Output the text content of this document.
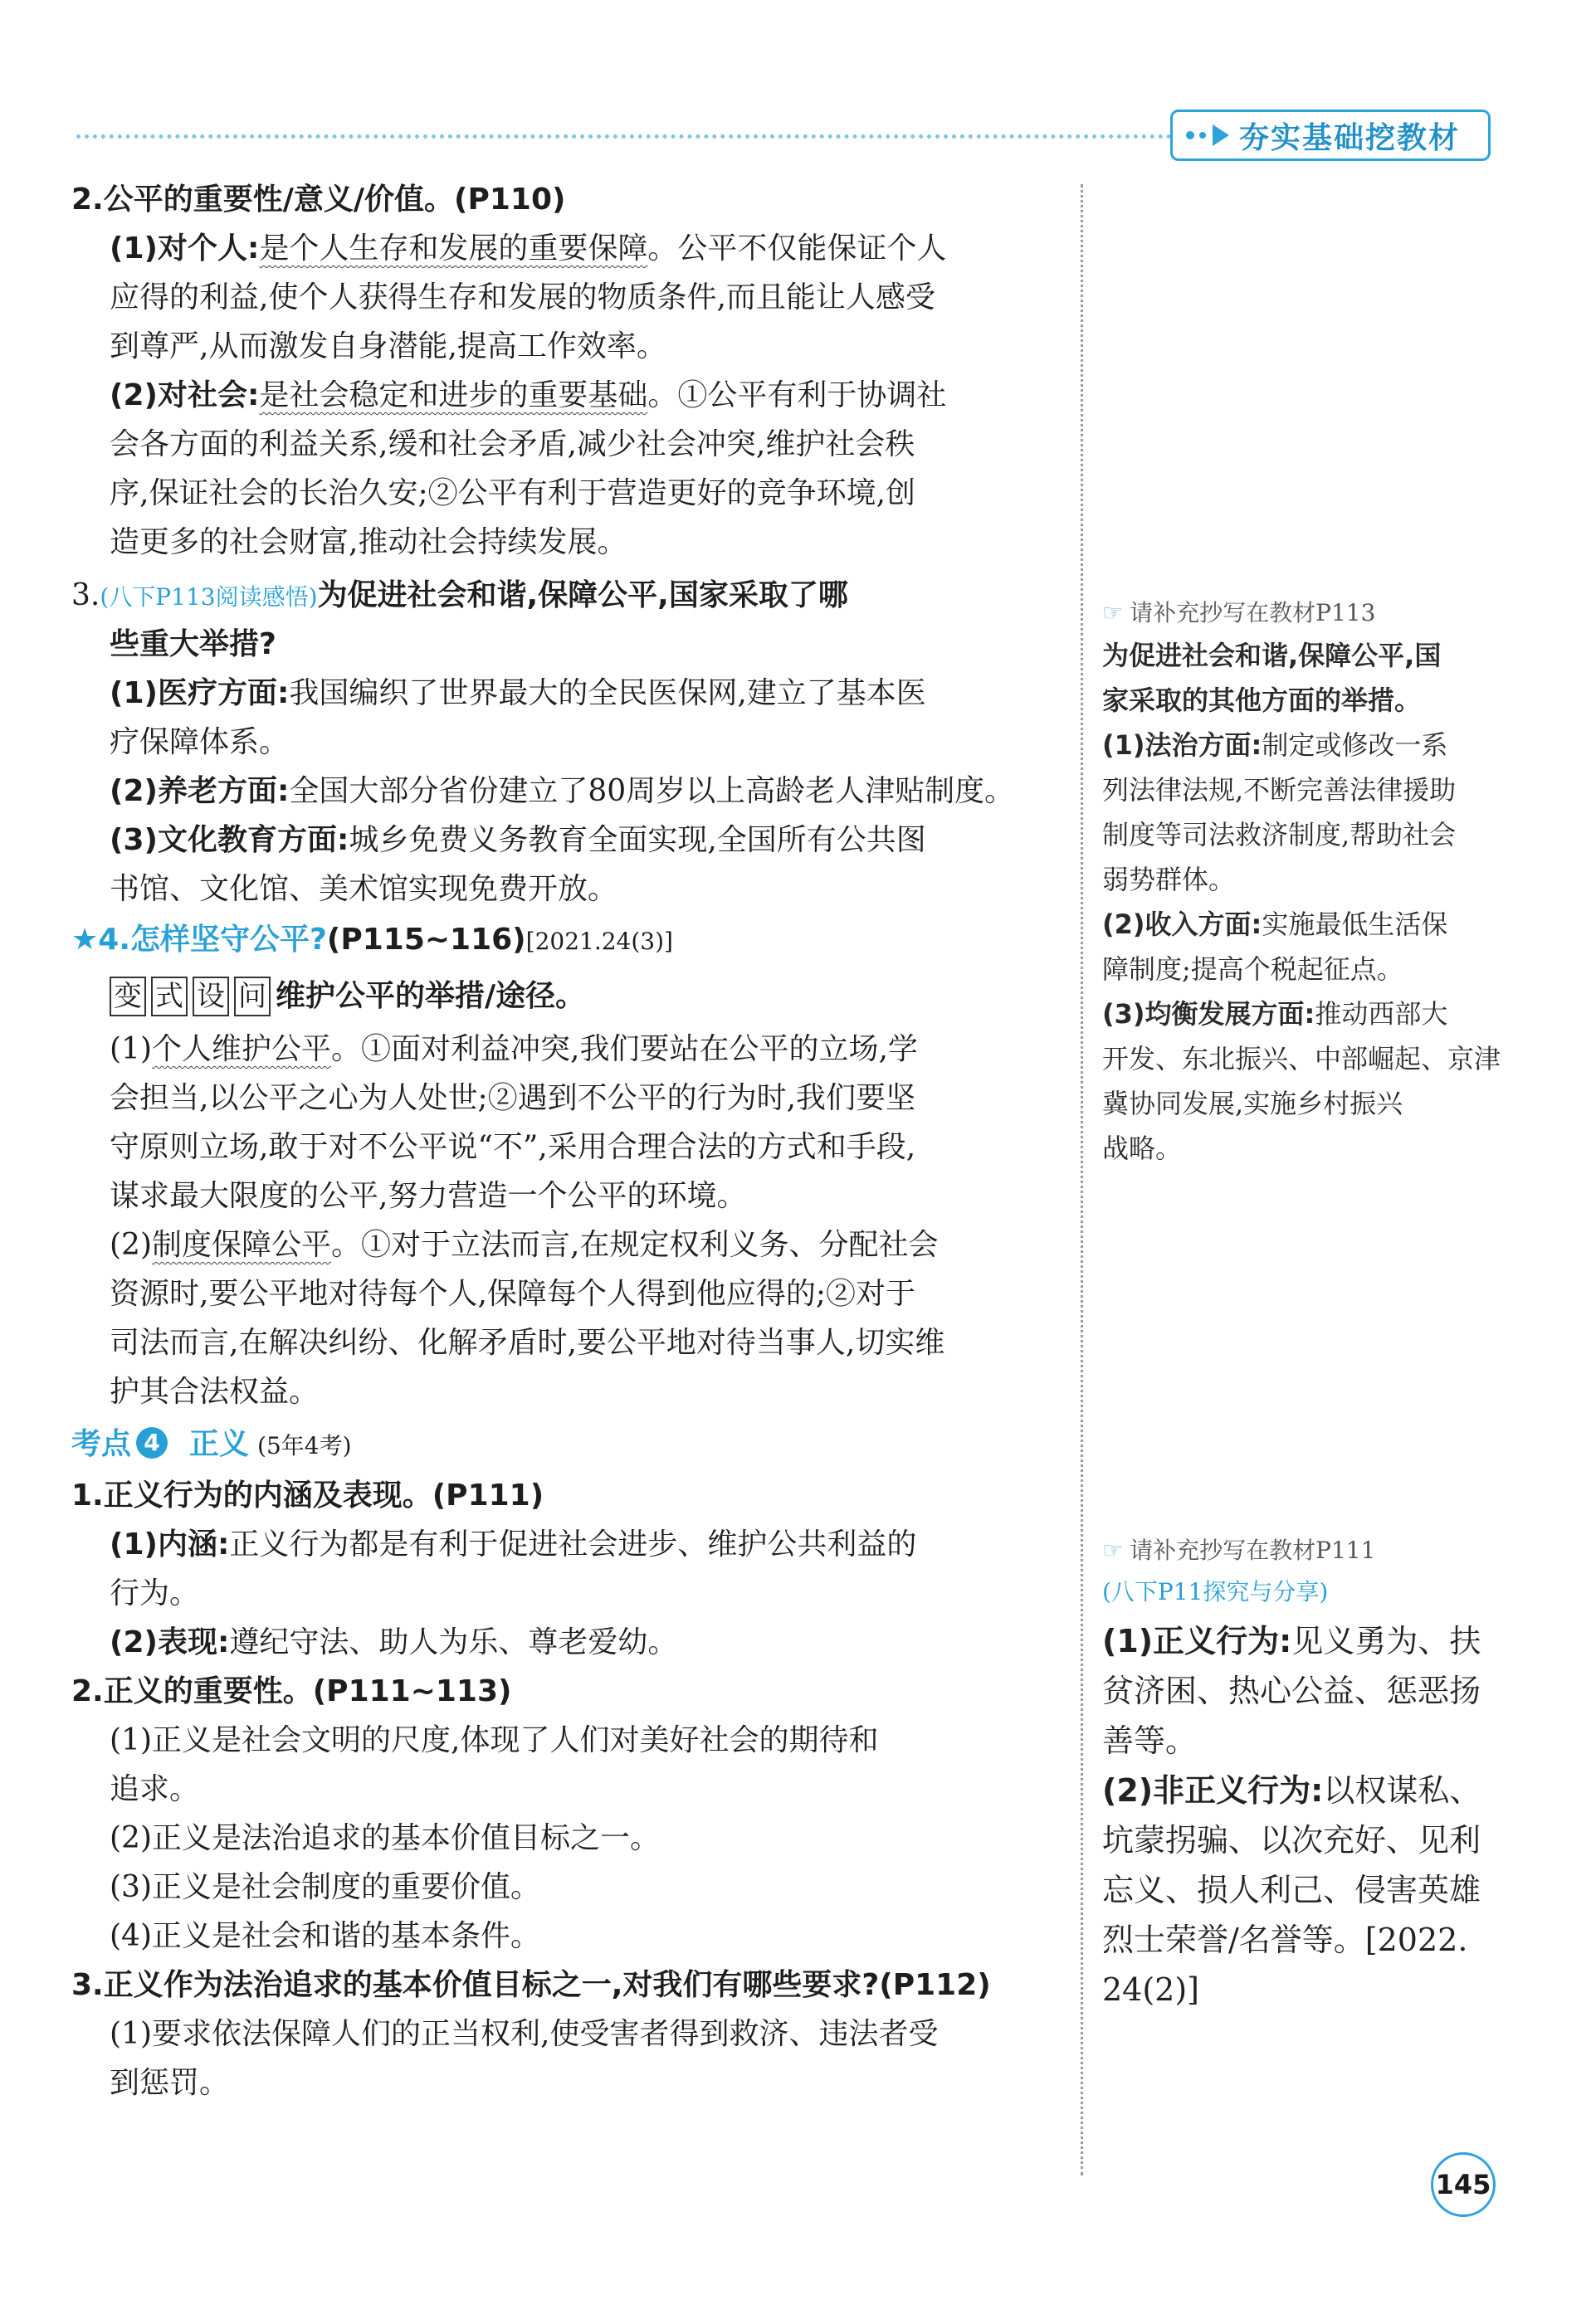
夯实基础挖教材
2.公平的重要性/意义/价值。(P110)
(1)对个人:是个人生存和发展的重要保障。公平不仅能保证个人
应得的利益,使个人获得生存和发展的物质条件,而且能让人感受
到尊严,从而激发自身潜能,提高工作效率。
(2)对社会:是社会稳定和进步的重要基础。①公平有利于协调社
会各方面的利益关系,缓和社会矛盾,减少社会冲突,维护社会秩
序,保证社会的长治久安;②公平有利于营造更好的竞争环境,创
造更多的社会财富,推动社会持续发展。
3.(八下P113阅读感悟)为促进社会和谐,保障公平,国家采取了哪
些重大举措?
(1)医疗方面:我国编织了世界最大的全民医保网,建立了基本医
疗保障体系。
(2)养老方面:全国大部分省份建立了80周岁以上高龄老人津贴制度。
(3)文化教育方面:城乡免费义务教育全面实现,全国所有公共图
书馆、文化馆、美术馆实现免费开放。
★4.怎样坚守公平?(P115~116)[2021.24(3)]
变 式 设 问 维护公平的举措/途径。
(1)个人维护公平。①面对利益冲突,我们要站在公平的立场,学
会担当,以公平之心为人处世;②遇到不公平的行为时,我们要坚
守原则立场,敢于对不公平说“不”,采用合理合法的方式和手段,
谋求最大限度的公平,努力营造一个公平的环境。
(2)制度保障公平。①对于立法而言,在规定权利义务、分配社会
资源时,要公平地对待每个人,保障每个人得到他应得的;②对于
司法而言,在解决纠纷、化解矛盾时,要公平地对待当事人,切实维
护其合法权益。
考点 4 正义 (5年4考)
1.正义行为的内涵及表现。(P111)
(1)内涵:正义行为都是有利于促进社会进步、维护公共利益的
行为。
(2)表现:遵纪守法、助人为乐、尊老爱幼。
2.正义的重要性。(P111~113)
(1)正义是社会文明的尺度,体现了人们对美好社会的期待和
追求。
(2)正义是法治追求的基本价值目标之一。
(3)正义是社会制度的重要价值。
(4)正义是社会和谐的基本条件。
3.正义作为法治追求的基本价值目标之一,对我们有哪些要求?(P112)
(1)要求依法保障人们的正当权利,使受害者得到救济、违法者受
到惩罚。
☞ 请补充抄写在教材P113
为促进社会和谐,保障公平,国
家采取的其他方面的举措。
(1)法治方面:制定或修改一系
列法律法规,不断完善法律援助
制度等司法救济制度,帮助社会
弱势群体。
(2)收入方面:实施最低生活保
障制度;提高个税起征点。
(3)均衡发展方面:推动西部大
开发、东北振兴、中部崛起、京津
冀协同发展,实施乡村振兴
战略。
☞ 请补充抄写在教材P111
(八下P11探究与分享)
(1)正义行为:见义勇为、扶
贫济困、热心公益、惩恶扬
善等。
(2)非正义行为:以权谋私、
坑蒙拐骗、以次充好、见利
忘义、损人利己、侵害英雄
烈士荣誉/名誉等。[2022.
24(2)]
145
